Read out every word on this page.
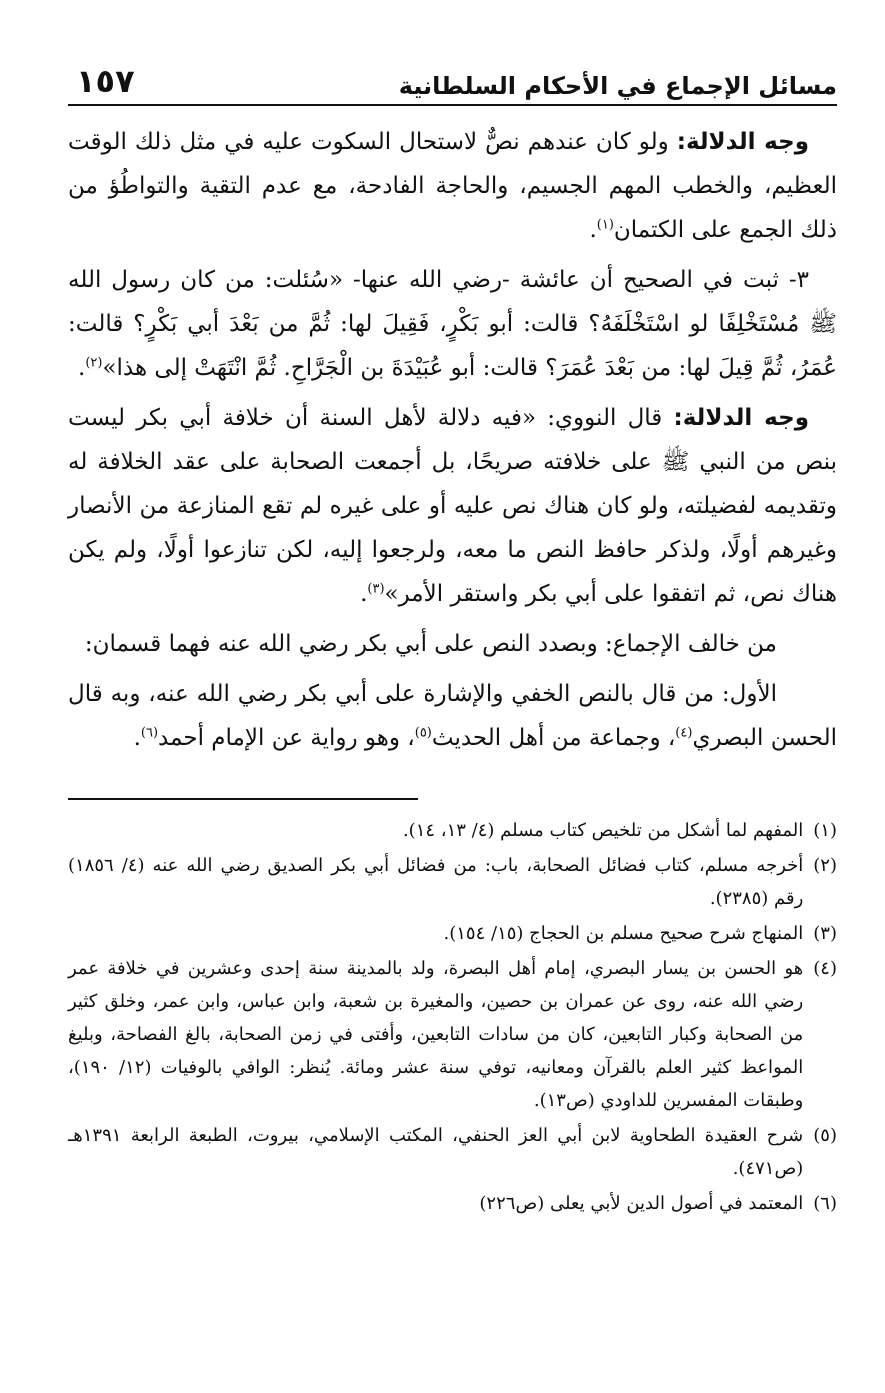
مسائل الإجماع في الأحكام السلطانية
١٥٧

وجه الدلالة: ولو كان عندهم نصٌّ لاستحال السكوت عليه في مثل ذلك الوقت العظيم، والخطب المهم الجسيم، والحاجة الفادحة، مع عدم التقية والتواطُؤ من ذلك الجمع على الكتمان$^{(١)}$.

٣- ثبت في الصحيح أن عائشة -رضي الله عنها- «سُئلت: من كان رسول الله ﷺ مُسْتَخْلِفًا لو اسْتَخْلَفَهُ؟ قالت: أبو بَكْرٍ، فَقِيلَ لها: ثُمَّ من بَعْدَ أبي بَكْرٍ؟ قالت: عُمَرُ، ثُمَّ قِيلَ لها: من بَعْدَ عُمَرَ؟ قالت: أبو عُبَيْدَةَ بن الْجَرَّاحِ. ثُمَّ انْتَهَتْ إلى هذا»$^{(٢)}$.

وجه الدلالة: قال النووي: «فيه دلالة لأهل السنة أن خلافة أبي بكر ليست بنص من النبي ﷺ على خلافته صريحًا، بل أجمعت الصحابة على عقد الخلافة له وتقديمه لفضيلته، ولو كان هناك نص عليه أو على غيره لم تقع المنازعة من الأنصار وغيرهم أولًا، ولذكر حافظ النص ما معه، ولرجعوا إليه، لكن تنازعوا أولًا، ولم يكن هناك نص، ثم اتفقوا على أبي بكر واستقر الأمر»$^{(٣)}$.

من خالف الإجماع: وبصدد النص على أبي بكر رضي الله عنه فهما قسمان:

الأول: من قال بالنص الخفي والإشارة على أبي بكر رضي الله عنه، وبه قال الحسن البصري$^{(٤)}$، وجماعة من أهل الحديث$^{(٥)}$، وهو رواية عن الإمام أحمد$^{(٦)}$.

(١)
المفهم لما أشكل من تلخيص كتاب مسلم (٤/ ١٣، ١٤).
(٢)
أخرجه مسلم، كتاب فضائل الصحابة، باب: من فضائل أبي بكر الصديق رضي الله عنه (٤/ ١٨٥٦) رقم (٢٣٨٥).
(٣)
المنهاج شرح صحيح مسلم بن الحجاج (١٥/ ١٥٤).
(٤)
هو الحسن بن يسار البصري، إمام أهل البصرة، ولد بالمدينة سنة إحدى وعشرين في خلافة عمر رضي الله عنه، روى عن عمران بن حصين، والمغيرة بن شعبة، وابن عباس، وابن عمر، وخلق كثير من الصحابة وكبار التابعين، كان من سادات التابعين، وأفتى في زمن الصحابة، بالغ الفصاحة، وبليغ المواعظ كثير العلم بالقرآن ومعانيه، توفي سنة عشر ومائة. يُنظر: الوافي بالوفيات (١٢/ ١٩٠)، وطبقات المفسرين للداودي (ص١٣).
(٥)
شرح العقيدة الطحاوية لابن أبي العز الحنفي، المكتب الإسلامي، بيروت، الطبعة الرابعة ١٣٩١هـ (ص٤٧١).
(٦)
المعتمد في أصول الدين لأبي يعلى (ص٢٢٦)
